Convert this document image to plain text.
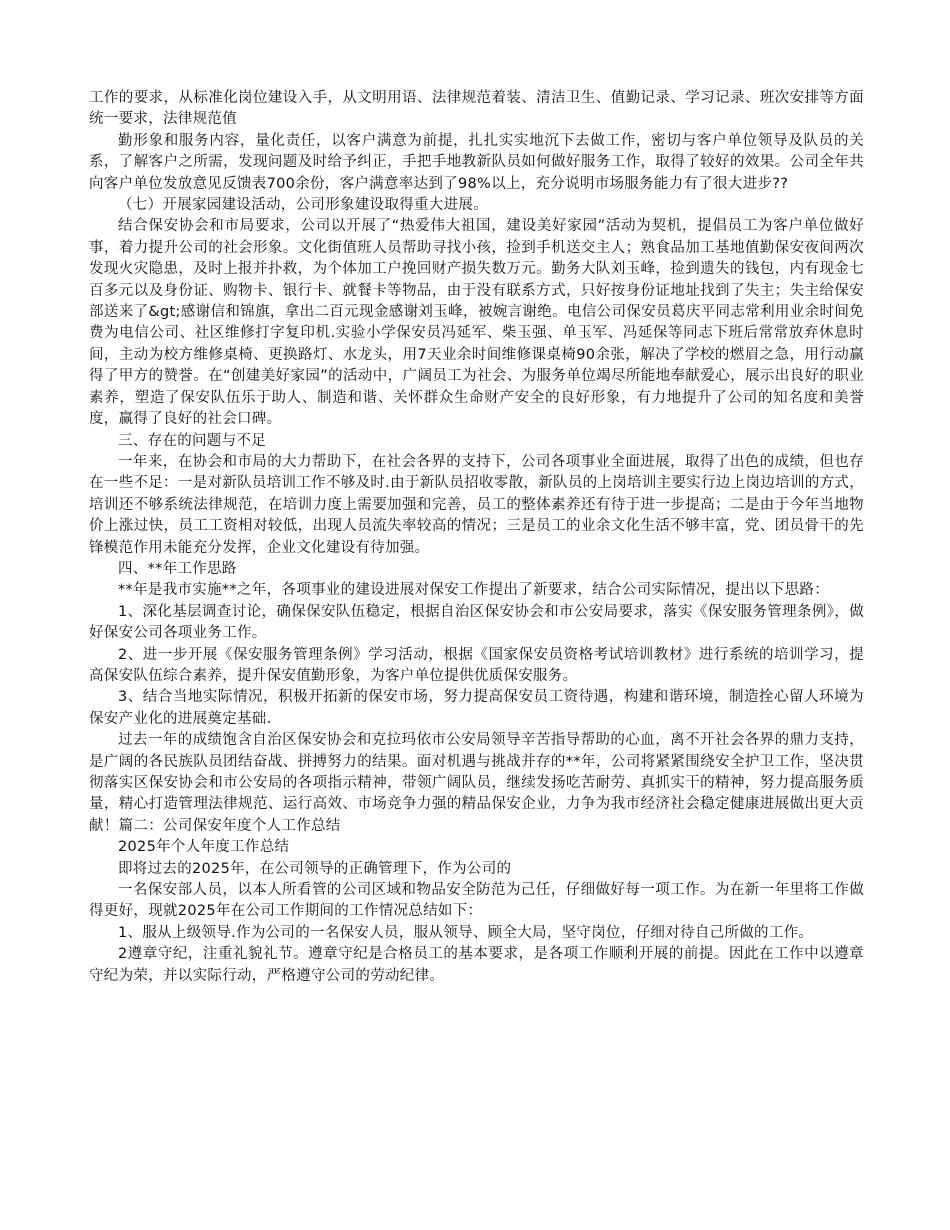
工作的要求，从标准化岗位建设入手，从文明用语、法律规范着装、清洁卫生、值勤记录、学习记录、班次安排等方面统一要求，法律规范值

勤形象和服务内容，量化责任，以客户满意为前提，扎扎实实地沉下去做工作，密切与客户单位领导及队员的关系，了解客户之所需，发现问题及时给予纠正，手把手地教新队员如何做好服务工作，取得了较好的效果。公司全年共向客户单位发放意见反馈表700余份，客户满意率达到了98%以上，充分说明市场服务能力有了很大进步??

（七）开展家园建设活动，公司形象建设取得重大进展。

结合保安协会和市局要求，公司以开展了“热爱伟大祖国，建设美好家园”活动为契机，提倡员工为客户单位做好事，着力提升公司的社会形象。文化街值班人员帮助寻找小孩，捡到手机送交主人；熟食品加工基地值勤保安夜间两次发现火灾隐患，及时上报并扑救，为个体加工户挽回财产损失数万元。勤务大队刘玉峰，捡到遗失的钱包，内有现金七百多元以及身份证、购物卡、银行卡、就餐卡等物品，由于没有联系方式，只好按身份证地址找到了失主；失主给保安部送来了&gt;感谢信和锦旗，拿出二百元现金感谢刘玉峰，被婉言谢绝。电信公司保安员葛庆平同志常利用业余时间免费为电信公司、社区维修打字复印机.实验小学保安员冯延军、柴玉强、单玉军、冯延保等同志下班后常常放弃休息时间，主动为校方维修桌椅、更换路灯、水龙头，用7天业余时间维修课桌椅90余张，解决了学校的燃眉之急，用行动赢得了甲方的赞誉。在“创建美好家园”的活动中，广阔员工为社会、为服务单位竭尽所能地奉献爱心，展示出良好的职业素养，塑造了保安队伍乐于助人、制造和谐、关怀群众生命财产安全的良好形象，有力地提升了公司的知名度和美誉度，赢得了良好的社会口碑。

三、存在的问题与不足

一年来，在协会和市局的大力帮助下，在社会各界的支持下，公司各项事业全面进展，取得了出色的成绩，但也存在一些不足：一是对新队员培训工作不够及时.由于新队员招收零散，新队员的上岗培训主要实行边上岗边培训的方式，培训还不够系统法律规范，在培训力度上需要加强和完善，员工的整体素养还有待于进一步提高；二是由于今年当地物价上涨过快，员工工资相对较低，出现人员流失率较高的情况；三是员工的业余文化生活不够丰富，党、团员骨干的先锋模范作用未能充分发挥，企业文化建设有待加强。

四、**年工作思路

**年是我市实施**之年，各项事业的建设进展对保安工作提出了新要求，结合公司实际情况，提出以下思路：

1、深化基层调查讨论，确保保安队伍稳定，根据自治区保安协会和市公安局要求，落实《保安服务管理条例》，做好保安公司各项业务工作。

2、进一步开展《保安服务管理条例》学习活动，根据《国家保安员资格考试培训教材》进行系统的培训学习，提高保安队伍综合素养，提升保安值勤形象，为客户单位提供优质保安服务。

3、结合当地实际情况，积极开拓新的保安市场，努力提高保安员工资待遇，构建和谐环境，制造拴心留人环境为保安产业化的进展奠定基础.

过去一年的成绩饱含自治区保安协会和克拉玛依市公安局领导辛苦指导帮助的心血，离不开社会各界的鼎力支持，是广阔的各民族队员团结奋战、拼搏努力的结果。面对机遇与挑战并存的**年，公司将紧紧围绕安全护卫工作，坚决贯彻落实区保安协会和市公安局的各项指示精神，带领广阔队员，继续发扬吃苦耐劳、真抓实干的精神，努力提高服务质量，精心打造管理法律规范、运行高效、市场竞争力强的精品保安企业，力争为我市经济社会稳定健康进展做出更大贡献！篇二：公司保安年度个人工作总结

2025年个人年度工作总结

即将过去的2025年，在公司领导的正确管理下，作为公司的

一名保安部人员，以本人所看管的公司区域和物品安全防范为己任，仔细做好每一项工作。为在新一年里将工作做得更好，现就2025年在公司工作期间的工作情况总结如下：

1、服从上级领导.作为公司的一名保安人员，服从领导、顾全大局，坚守岗位，仔细对待自己所做的工作。

2遵章守纪，注重礼貌礼节。遵章守纪是合格员工的基本要求，是各项工作顺利开展的前提。因此在工作中以遵章守纪为荣，并以实际行动，严格遵守公司的劳动纪律。
